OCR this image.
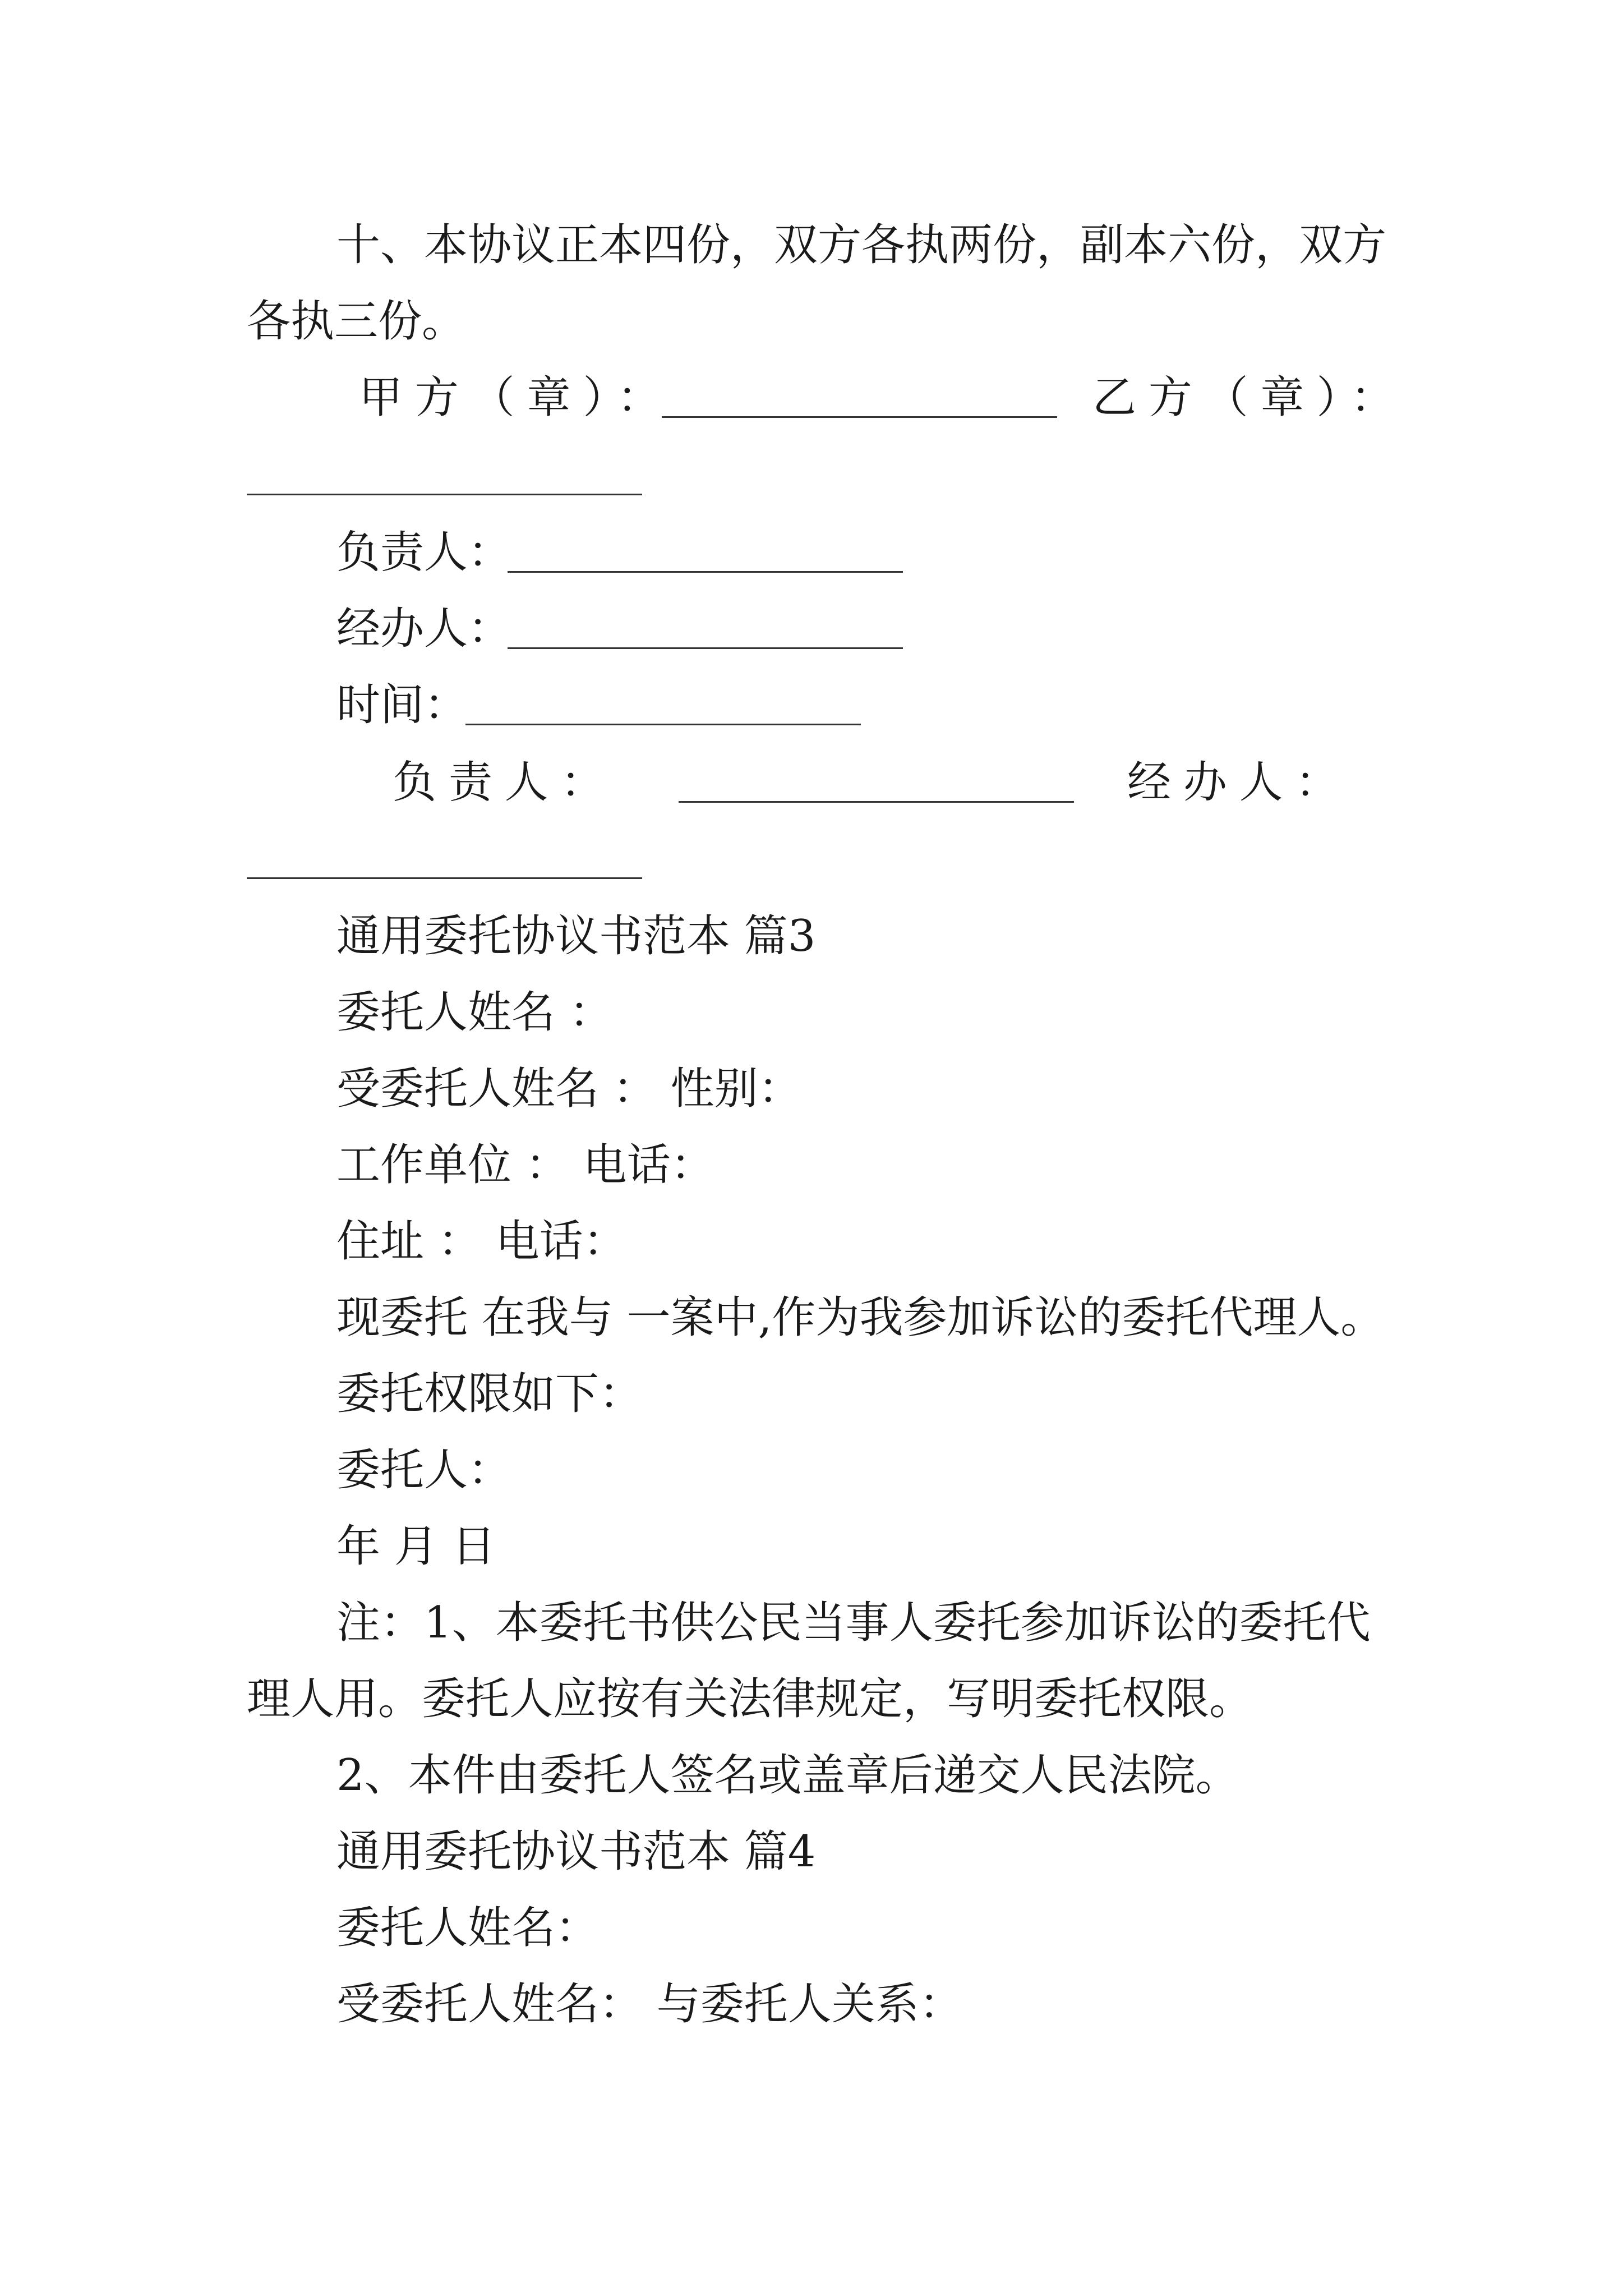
十、本协议正本四份，双方各执两份，副本六份，双方
各执三份。
甲方（章）：	乙方（章）：
负责人：
经办人：
时间：
负责人：	经办人：
通用委托协议书范本 篇3
委托人姓名 ：
受委托人姓名 ： 性别：
工作单位 ： 电话：
住址 ： 电话：
现委托 在我与 一案中,作为我参加诉讼的委托代理人。
委托权限如下：
委托人：
年 月 日
注：1、本委托书供公民当事人委托参加诉讼的委托代
理人用。委托人应按有关法律规定，写明委托权限。
2、本件由委托人签名或盖章后递交人民法院。
通用委托协议书范本 篇4
委托人姓名：
受委托人姓名： 与委托人关系：
